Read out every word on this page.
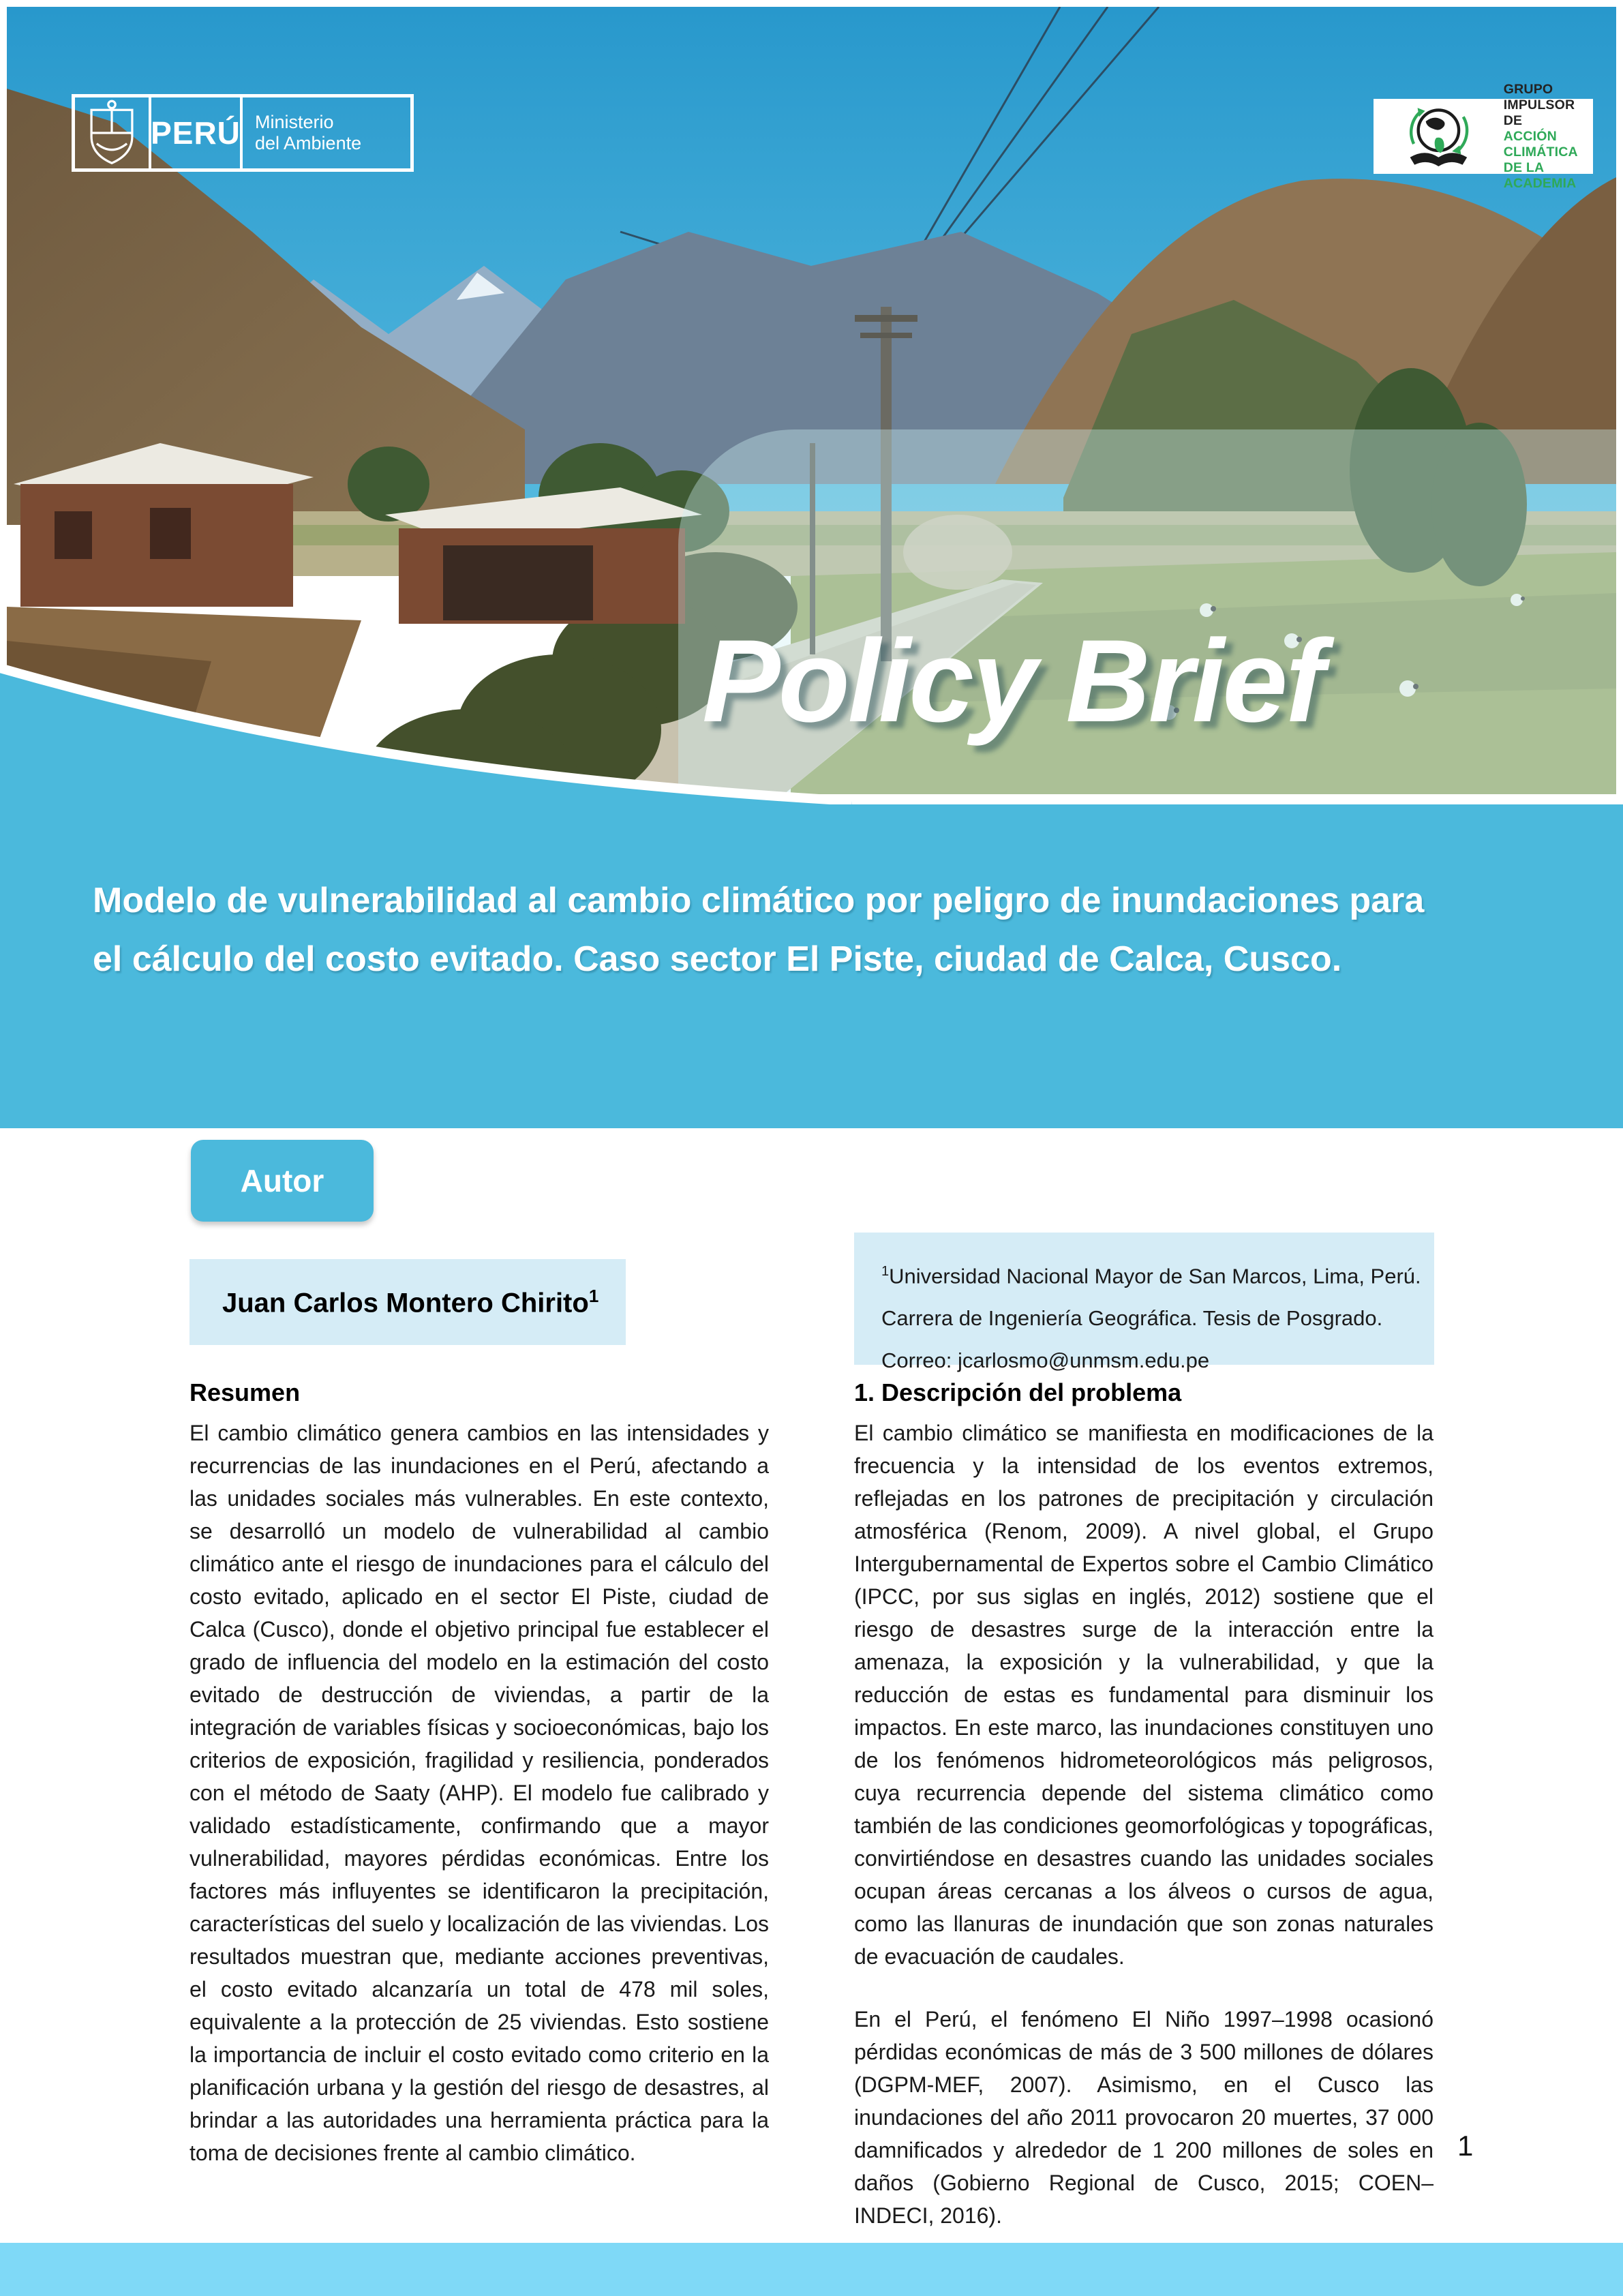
Policy Brief
PERÚ Ministerio
del Ambiente
GRUPO IMPULSOR DE
ACCIÓN CLIMÁTICA
DE LA ACADEMIA
Modelo de vulnerabilidad al cambio climático por peligro de inundaciones para el cálculo del costo evitado. Caso sector El Piste, ciudad de Calca, Cusco.
Autor
Juan Carlos Montero Chirito$^1$
$^1$Universidad Nacional Mayor de San Marcos, Lima, Perú.
Carrera de Ingeniería Geográfica. Tesis de Posgrado.
Correo: jcarlosmo@unmsm.edu.pe
Resumen

El cambio climático genera cambios en las intensidades y recurrencias de las inundaciones en el Perú, afectando a las unidades sociales más vulnerables. En este contexto, se desarrolló un modelo de vulnerabilidad al cambio climático ante el riesgo de inundaciones para el cálculo del costo evitado, aplicado en el sector El Piste, ciudad de Calca (Cusco), donde el objetivo principal fue establecer el grado de influencia del modelo en la estimación del costo evitado de destrucción de viviendas, a partir de la integración de variables físicas y socioeconómicas, bajo los criterios de exposición, fragilidad y resiliencia, ponderados con el método de Saaty (AHP). El modelo fue calibrado y validado estadísticamente, confirmando que a mayor vulnerabilidad, mayores pérdidas económicas. Entre los factores más influyentes se identificaron la precipitación, características del suelo y localización de las viviendas. Los resultados muestran que, mediante acciones preventivas, el costo evitado alcanzaría un total de 478 mil soles, equivalente a la protección de 25 viviendas. Esto sostiene la importancia de incluir el costo evitado como criterio en la planificación urbana y la gestión del riesgo de desastres, al brindar a las autoridades una herramienta práctica para la toma de decisiones frente al cambio climático.

1. Descripción del problema

El cambio climático se manifiesta en modificaciones de la frecuencia y la intensidad de los eventos extremos, reflejadas en los patrones de precipitación y circulación atmosférica (Renom, 2009). A nivel global, el Grupo Intergubernamental de Expertos sobre el Cambio Climático (IPCC, por sus siglas en inglés, 2012) sostiene que el riesgo de desastres surge de la interacción entre la amenaza, la exposición y la vulnerabilidad, y que la reducción de estas es fundamental para disminuir los impactos. En este marco, las inundaciones constituyen uno de los fenómenos hidrometeorológicos más peligrosos, cuya recurrencia depende del sistema climático como también de las condiciones geomorfológicas y topográficas, convirtiéndose en desastres cuando las unidades sociales ocupan áreas cercanas a los álveos o cursos de agua, como las llanuras de inundación que son zonas naturales de evacuación de caudales.

En el Perú, el fenómeno El Niño 1997–1998 ocasionó pérdidas económicas de más de 3 500 millones de dólares (DGPM-MEF, 2007). Asimismo, en el Cusco las inundaciones del año 2011 provocaron 20 muertes, 37 000 damnificados y alrededor de 1 200 millones de soles en daños (Gobierno Regional de Cusco, 2015; COEN–INDECI, 2016).

1
